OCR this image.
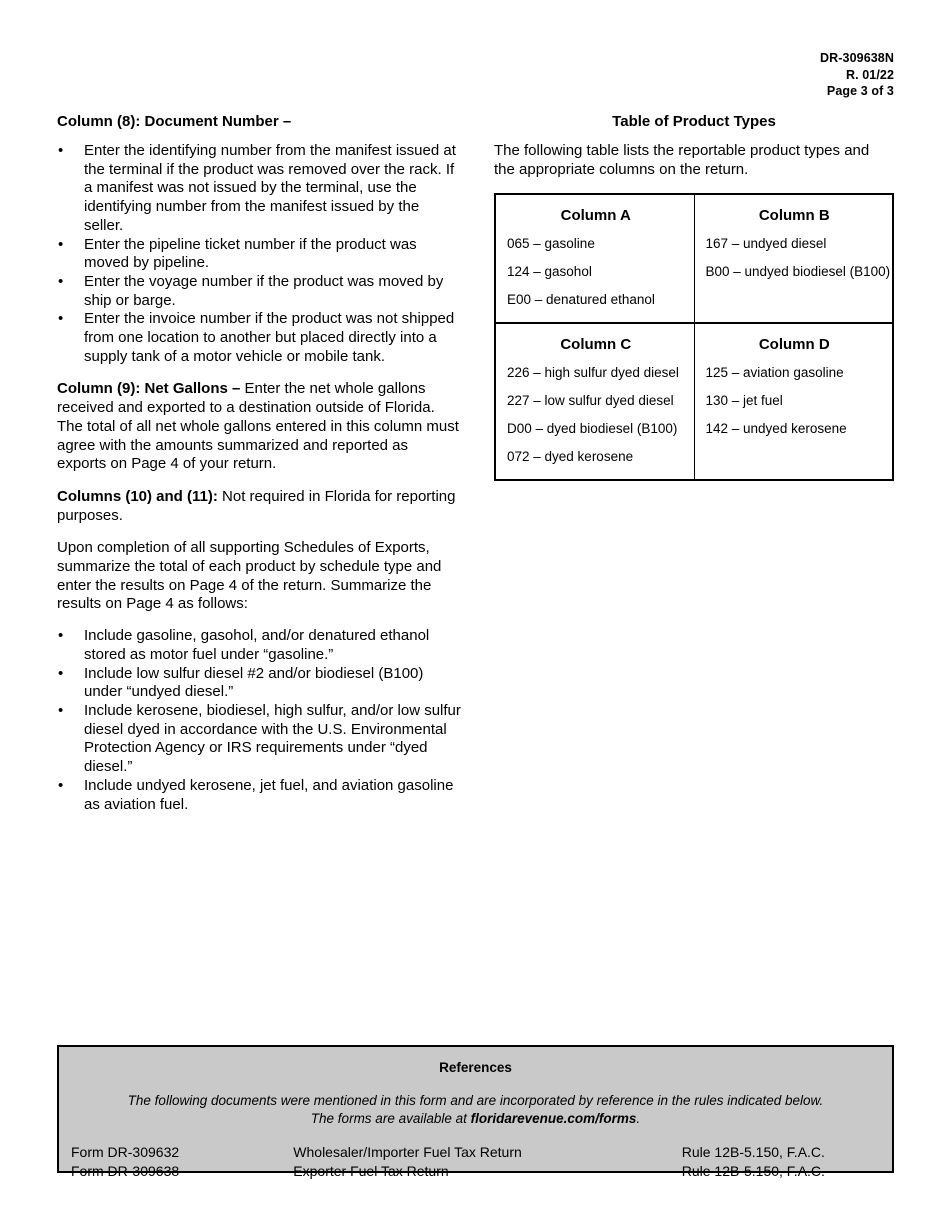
DR-309638N
R. 01/22
Page 3 of 3
Column (8): Document Number –
• Enter the identifying number from the manifest issued at the terminal if the product was removed over the rack. If a manifest was not issued by the terminal, use the identifying number from the manifest issued by the seller.
• Enter the pipeline ticket number if the product was moved by pipeline.
• Enter the voyage number if the product was moved by ship or barge.
• Enter the invoice number if the product was not shipped from one location to another but placed directly into a supply tank of a motor vehicle or mobile tank.

Column (9): Net Gallons – Enter the net whole gallons received and exported to a destination outside of Florida. The total of all net whole gallons entered in this column must agree with the amounts summarized and reported as exports on Page 4 of your return.

Columns (10) and (11): Not required in Florida for reporting purposes.

Upon completion of all supporting Schedules of Exports, summarize the total of each product by schedule type and enter the results on Page 4 of the return. Summarize the results on Page 4 as follows:

• Include gasoline, gasohol, and/or denatured ethanol stored as motor fuel under “gasoline.”
• Include low sulfur diesel #2 and/or biodiesel (B100) under “undyed diesel.”
• Include kerosene, biodiesel, high sulfur, and/or low sulfur diesel dyed in accordance with the U.S. Environmental Protection Agency or IRS requirements under “dyed diesel.”
• Include undyed kerosene, jet fuel, and aviation gasoline as aviation fuel.
Table of Product Types

The following table lists the reportable product types and the appropriate columns on the return.

Column A
065 – gasoline
124 – gasohol
E00 – denatured ethanol

Column B
167 – undyed diesel
B00 – undyed biodiesel (B100)

Column C
226 – high sulfur dyed diesel
227 – low sulfur dyed diesel
D00 – dyed biodiesel (B100)
072 – dyed kerosene

Column D
125 – aviation gasoline
130 – jet fuel
142 – undyed kerosene
References
The following documents were mentioned in this form and are incorporated by reference in the rules indicated below.
The forms are available at floridarevenue.com/forms.
Form DR-309632	Wholesaler/Importer Fuel Tax Return	Rule 12B-5.150, F.A.C.
Form DR-309638	Exporter Fuel Tax Return	Rule 12B-5.150, F.A.C.
